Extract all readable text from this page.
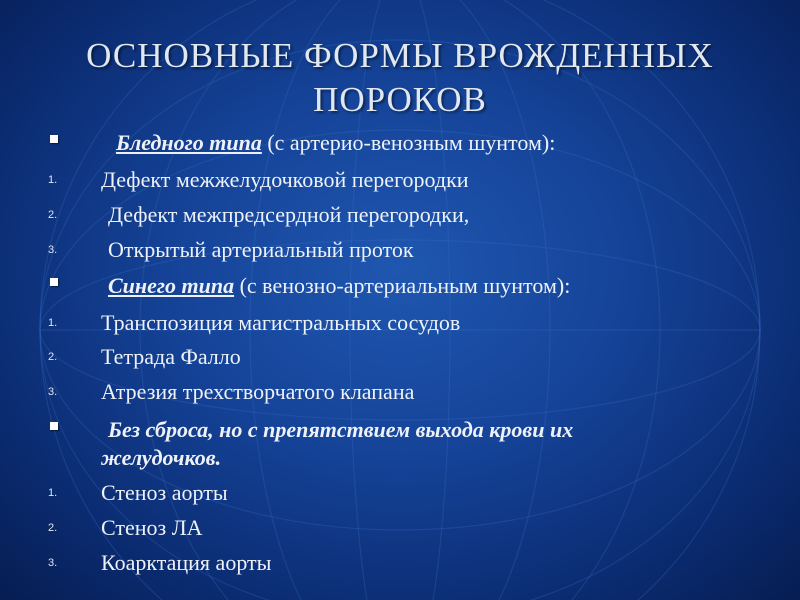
ОСНОВНЫЕ ФОРМЫ ВРОЖДЕННЫХ
ПОРОКОВ
Бледного типа (с артерио-венозным шунтом):
1. Дефект межжелудочковой перегородки
2. Дефект межпредсердной перегородки,
3. Открытый артериальный проток
Синего типа (с венозно-артериальным шунтом):
1. Транспозиция магистральных сосудов
2. Тетрада Фалло
3. Атрезия трехстворчатого клапана
Без сброса, но с препятствием выхода крови их
желудочков.
1. Стеноз аорты
2. Стеноз ЛА
3. Коарктация аорты
